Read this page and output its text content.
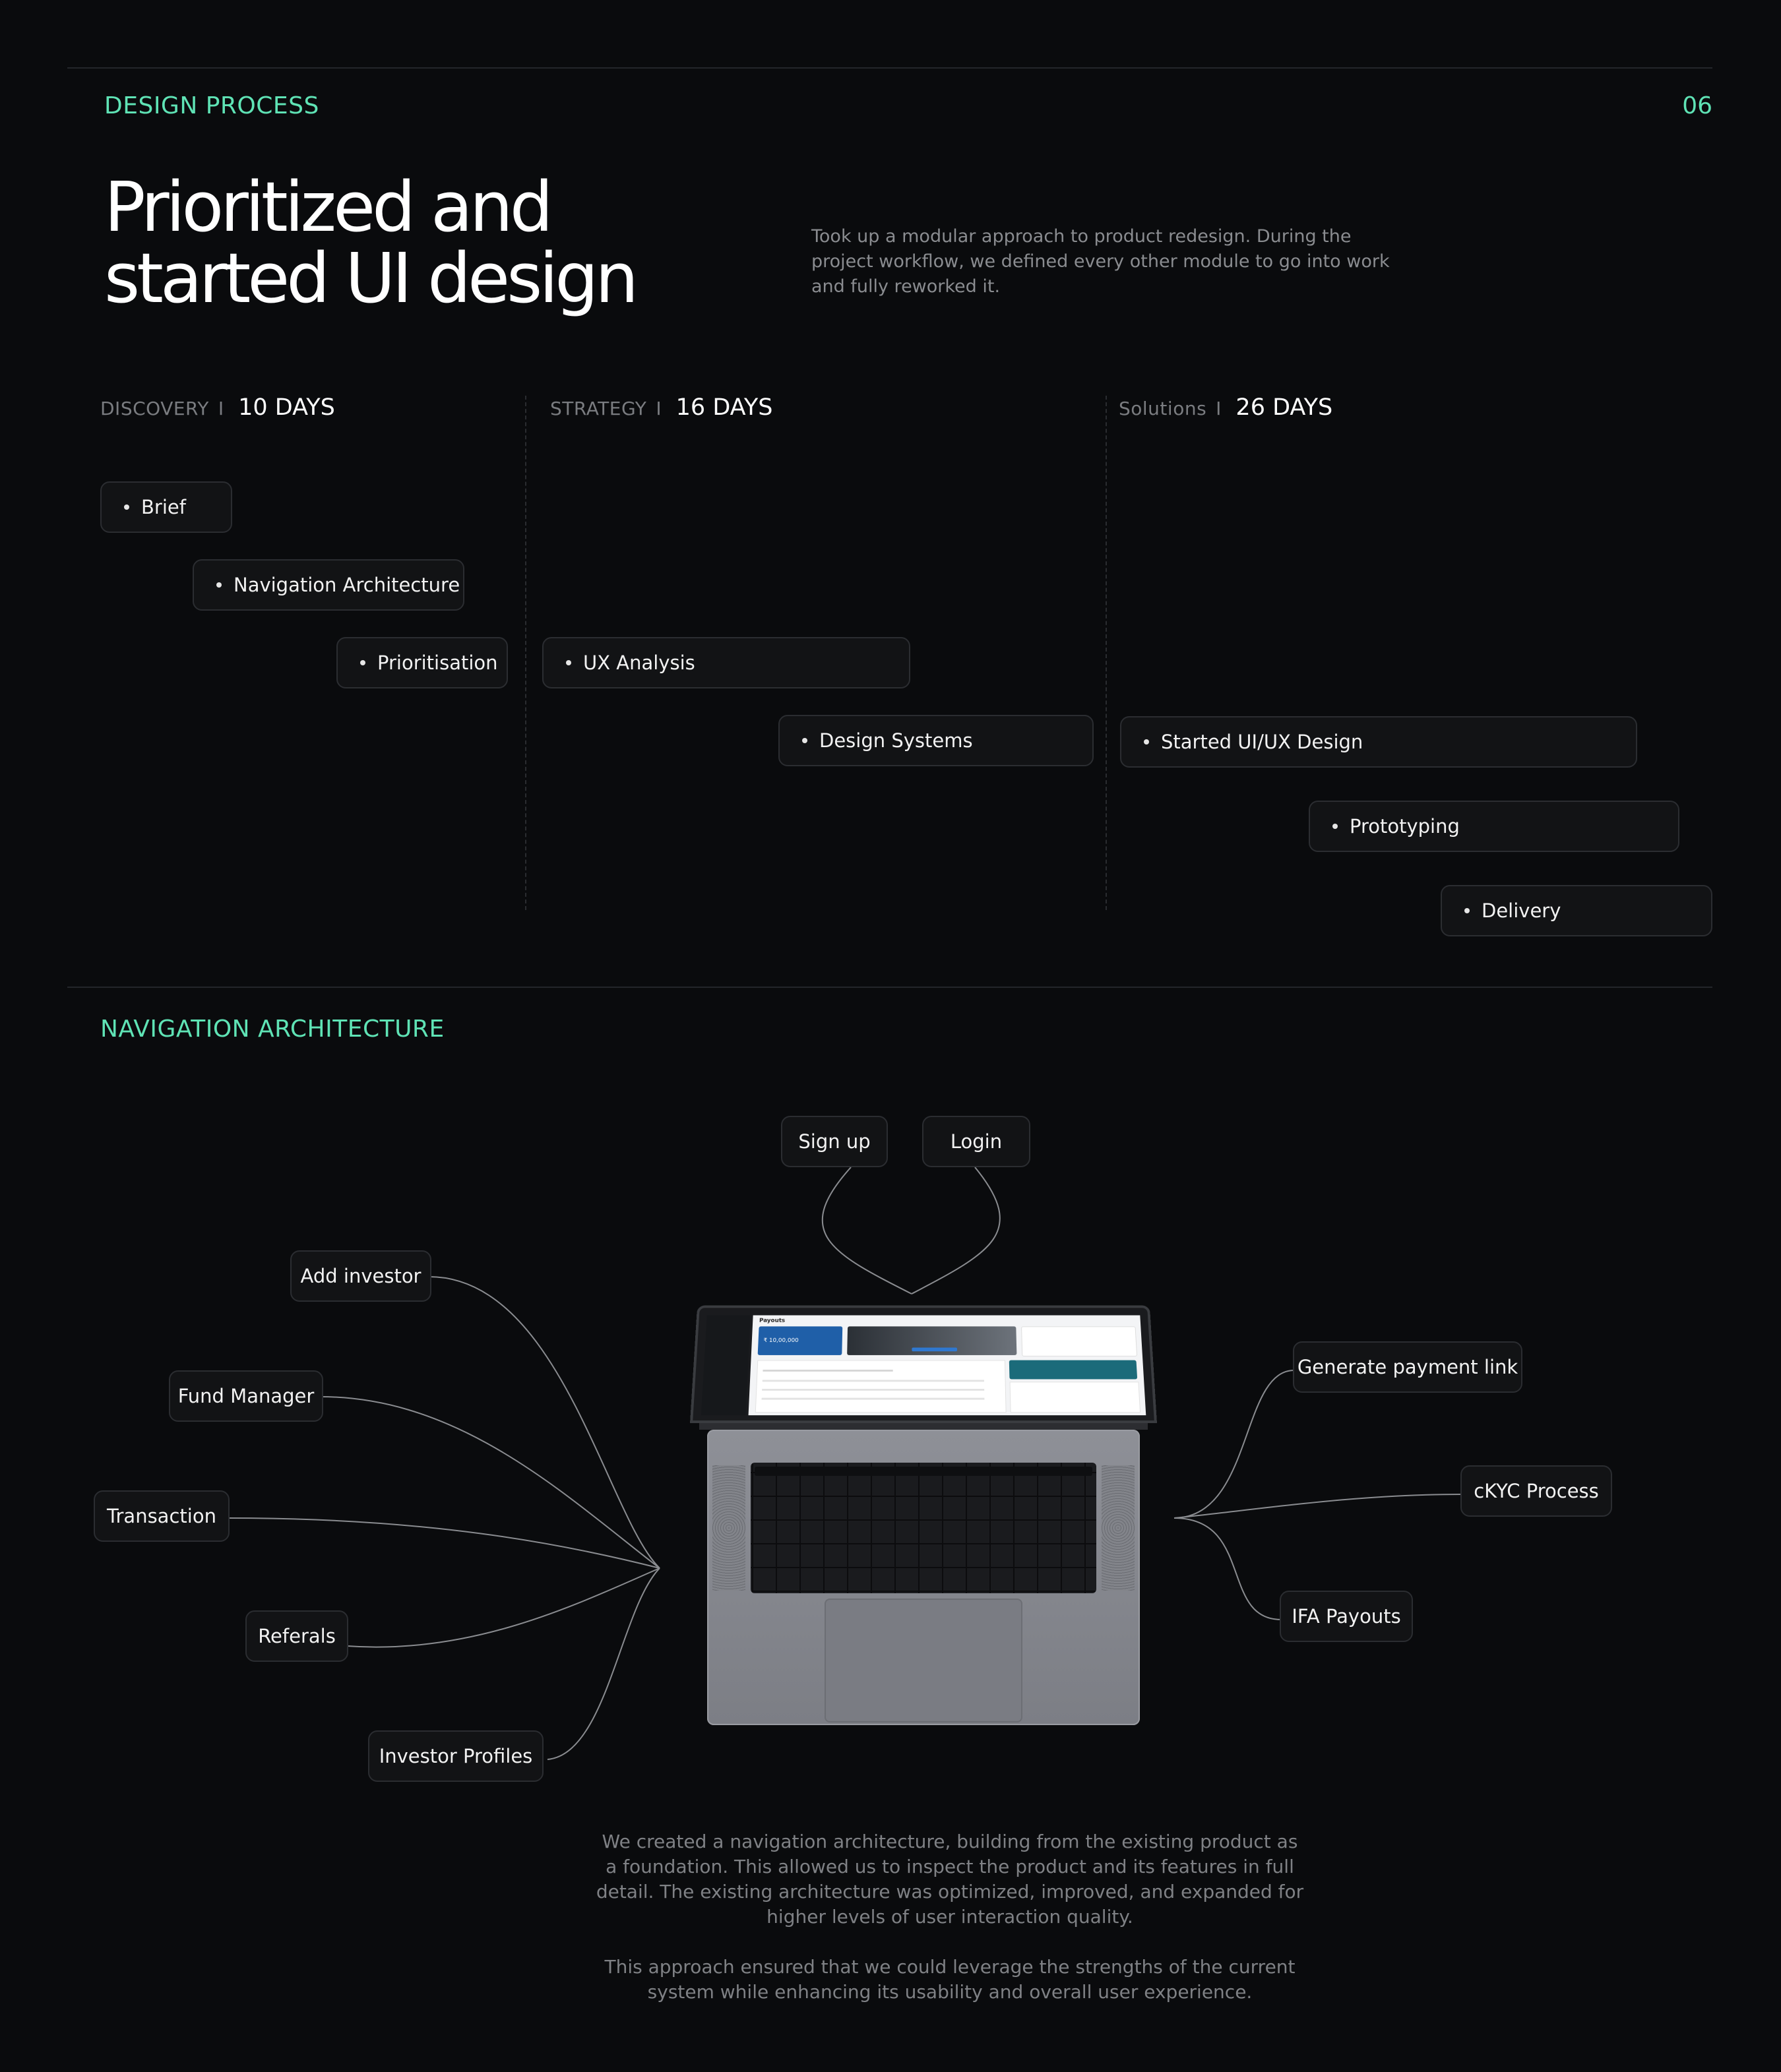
DESIGN PROCESS	06
Prioritized and
started UI design

Took up a modular approach to product redesign. During the project workflow, we defined every other module to go into work and fully reworked it.

DISCOVERY I 10 DAYS	STRATEGY I 16 DAYS	Solutions I 26 DAYS
Brief
Navigation Architecture
Prioritisation	UX Analysis
Design Systems	Started UI/UX Design
Prototyping
Delivery
NAVIGATION ARCHITECTURE
Payouts
₹ 10,00,000
Sign up	Login
Add investor
Fund Manager
Transaction
Referals
Investor Profiles
Generate payment link
cKYC Process
IFA Payouts

We created a navigation architecture, building from the existing product as a foundation. This allowed us to inspect the product and its features in full detail. The existing architecture was optimized, improved, and expanded for higher levels of user interaction quality.

This approach ensured that we could leverage the strengths of the current system while enhancing its usability and overall user experience.
